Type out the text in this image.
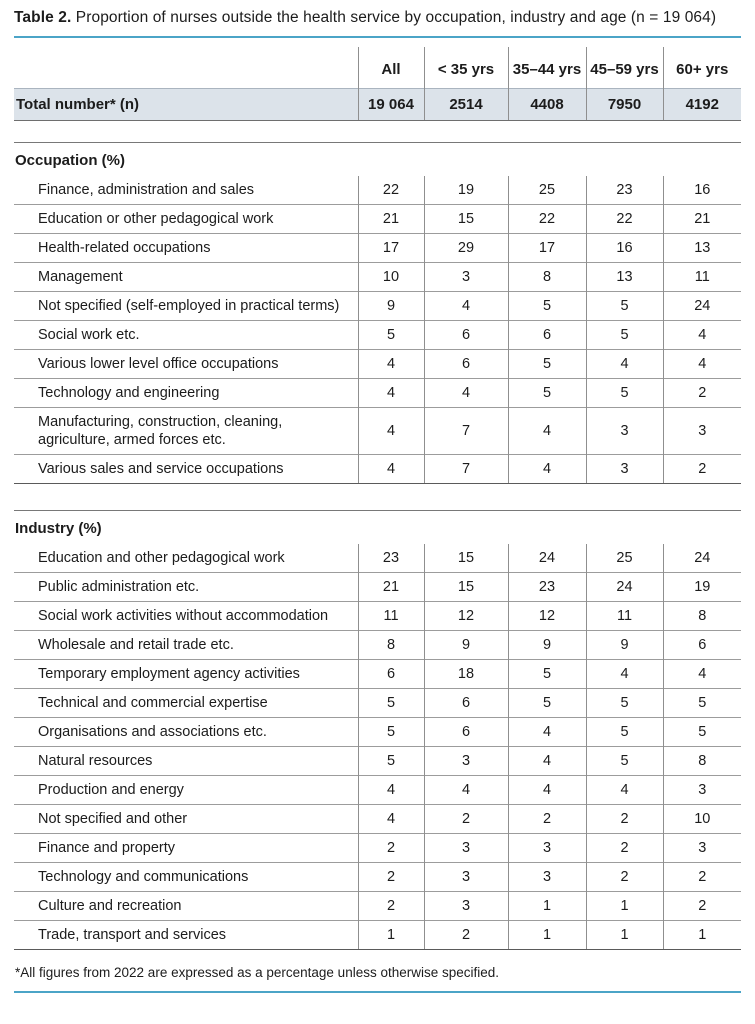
Table 2. Proportion of nurses outside the health service by occupation, industry and age (n = 19 064)
	All	< 35 yrs	35–44 yrs	45–59 yrs	60+ yrs
Total number* (n)	19 064	2514	4408	7950	4192
Occupation (%)					
Finance, administration and sales	22	19	25	23	16
Education or other pedagogical work	21	15	22	22	21
Health-related occupations	17	29	17	16	13
Management	10	3	8	13	11
Not specified (self-employed in practical terms)	9	4	5	5	24
Social work etc.	5	6	6	5	4
Various lower level office occupations	4	6	5	4	4
Technology and engineering	4	4	5	5	2
Manufacturing, construction, cleaning, agriculture, armed forces etc.	4	7	4	3	3
Various sales and service occupations	4	7	4	3	2
Industry (%)					
Education and other pedagogical work	23	15	24	25	24
Public administration etc.	21	15	23	24	19
Social work activities without accommodation	11	12	12	11	8
Wholesale and retail trade etc.	8	9	9	9	6
Temporary employment agency activities	6	18	5	4	4
Technical and commercial expertise	5	6	5	5	5
Organisations and associations etc.	5	6	4	5	5
Natural resources	5	3	4	5	8
Production and energy	4	4	4	4	3
Not specified and other	4	2	2	2	10
Finance and property	2	3	3	2	3
Technology and communications	2	3	3	2	2
Culture and recreation	2	3	1	1	2
Trade, transport and services	1	2	1	1	1
*All figures from 2022 are expressed as a percentage unless otherwise specified.
